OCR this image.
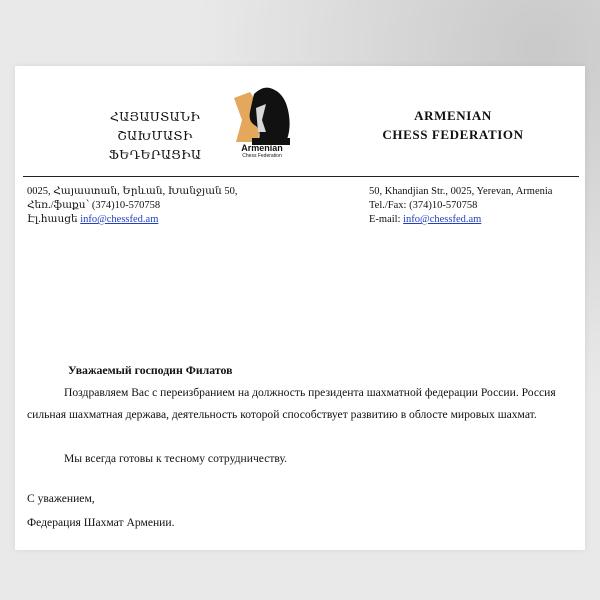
ՀԱՅԱՍՏԱՆԻ
ՇԱԽՄԱՏԻ ՖԵԴԵՐԱՑԻԱ	Armenian
Chess Federation
ARMENIAN
CHESS FEDERATION
0025, Հայաստան, Երևան, Խանջյան 50,
Հեռ./ֆաքս՝ (374)10-570758
Էլ.հասցե info@chessfed.am
50, Khandjian Str., 0025, Yerevan, Armenia
Tel./Fax: (374)10-570758
E-mail: info@chessfed.am
Уважаемый господин Филатов
Поздравляем Вас с переизбранием на должность президента шахматной федерации России. Россия сильная шахматная держава, деятельность которой способствует развитию в облосте мировых шахмат.
Мы всегда готовы к тесному сотрудничеству.
С уважением,
Федерация Шахмат Армении.
